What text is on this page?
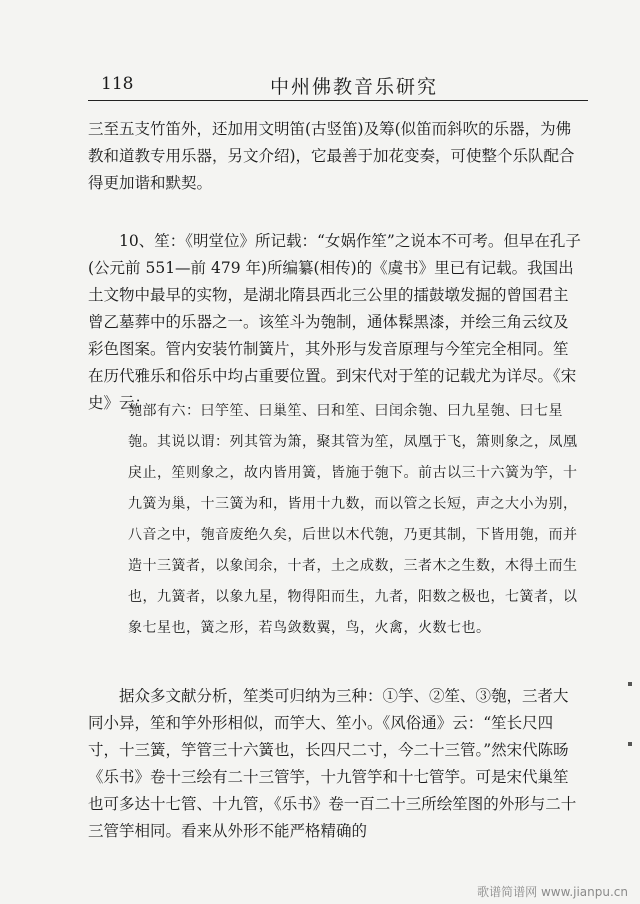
118	中州佛教音乐研究

三至五支竹笛外，还加用文明笛(古竖笛)及筹(似笛而斜吹的乐器，为佛教和道教专用乐器，另文介绍)，它最善于加花变奏，可使整个乐队配合得更加谐和默契。

10、笙：《明堂位》所记载：“女娲作笙”之说本不可考。但早在孔子(公元前 551—前 479 年)所编纂(相传)的《虞书》里已有记载。我国出土文物中最早的实物，是湖北隋县西北三公里的擂鼓墩发掘的曾国君主曾乙墓葬中的乐器之一。该笙斗为匏制，通体髹黑漆，并绘三角云纹及彩色图案。管内安装竹制簧片，其外形与发音原理与今笙完全相同。笙在历代雅乐和俗乐中均占重要位置。到宋代对于笙的记载尤为详尽。《宋史》云：

匏部有六：曰竽笙、曰巢笙、曰和笙、曰闰余匏、曰九星匏、曰七星匏。其说以谓：列其管为箫，聚其管为笙，凤凰于飞，箫则象之，凤凰戾止，笙则象之，故内皆用簧，皆施于匏下。前古以三十六簧为竽，十九簧为巢，十三簧为和，皆用十九数，而以管之长短，声之大小为别，八音之中，匏音废绝久矣，后世以木代匏，乃更其制，下皆用匏，而并造十三簧者，以象闰余，十者，土之成数，三者木之生数，木得土而生也，九簧者，以象九星，物得阳而生，九者，阳数之极也，七簧者，以象七星也，簧之形，若鸟敛数翼，鸟，火禽，火数七也。

据众多文献分析，笙类可归纳为三种：①竽、②笙、③匏，三者大同小异，笙和竽外形相似，而竽大、笙小。《风俗通》云：“笙长尺四寸，十三簧，竽管三十六簧也，长四尺二寸，今二十三管。”然宋代陈旸《乐书》卷十三绘有二十三管竽，十九管竽和十七管竽。可是宋代巢笙也可多达十七管、十九管，《乐书》卷一百二十三所绘笙图的外形与二十三管竽相同。看来从外形不能严格精确的

歌谱简谱网 www.jianpu.cn
